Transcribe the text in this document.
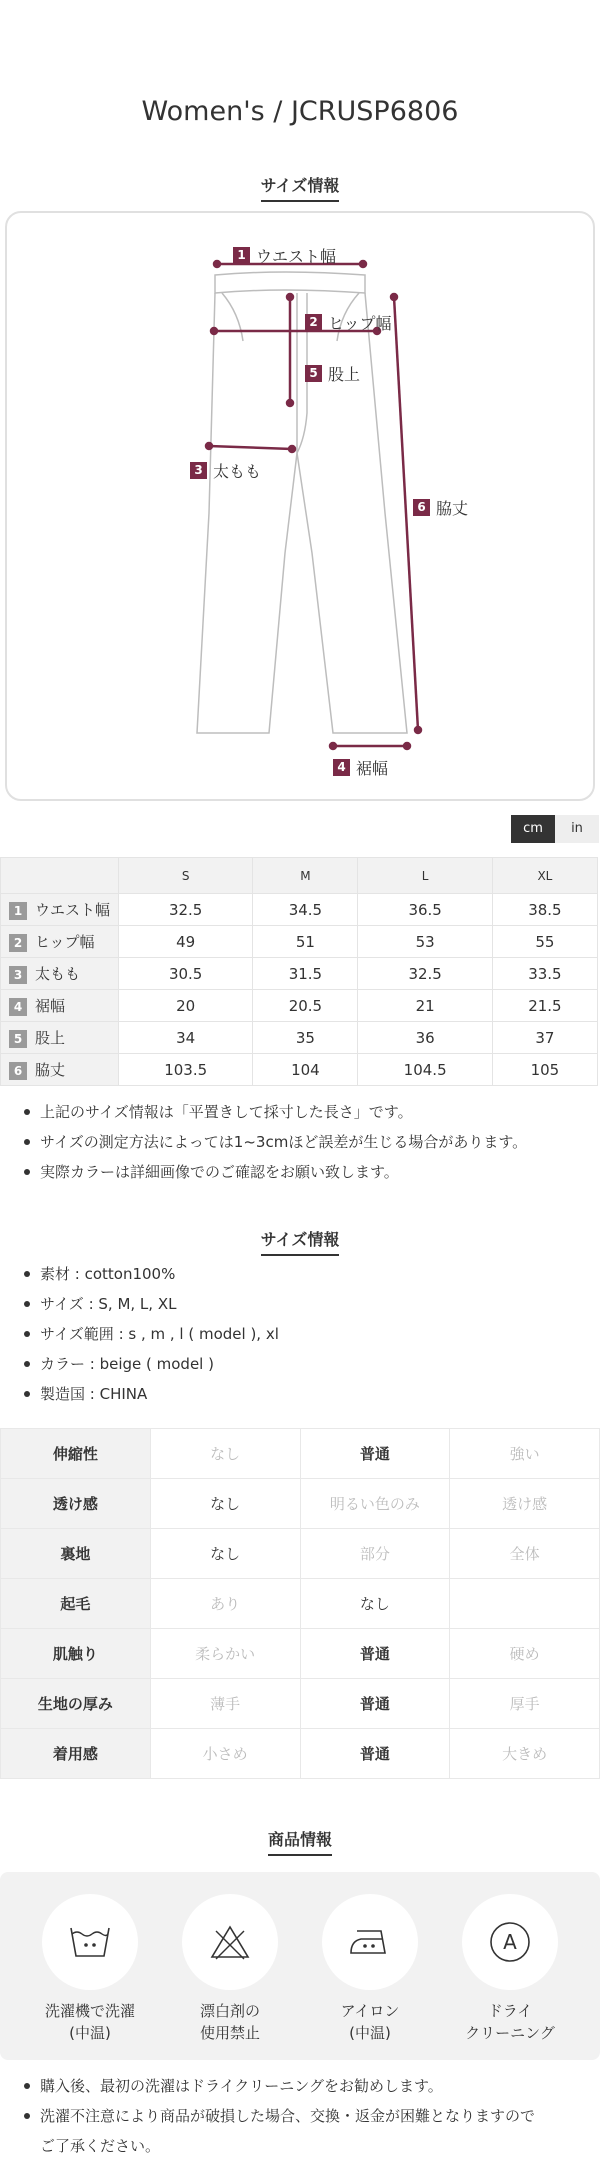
Women's / JCRUSP6806
サイズ情報
1 ウエスト幅
2 ヒップ幅
5 股上
3 太もも
6 脇丈
4 裾幅
cm	in
	S	M	L	XL
1 ウエスト幅	32.5	34.5	36.5	38.5
2 ヒップ幅	49	51	53	55
3 太もも	30.5	31.5	32.5	33.5
4 裾幅	20	20.5	21	21.5
5 股上	34	35	36	37
6 脇丈	103.5	104	104.5	105
上記のサイズ情報は「平置きして採寸した長さ」です。
サイズの測定方法によっては1~3cmほど誤差が生じる場合があります。
実際カラーは詳細画像でのご確認をお願い致します。
サイズ情報
素材 : cotton100%
サイズ : S, M, L, XL
サイズ範囲 : s , m , l ( model ), xl
カラー : beige ( model )
製造国 : CHINA
伸縮性	なし	普通	強い
透け感	なし	明るい色のみ	透け感
裏地	なし	部分	全体
起毛	あり	なし	
肌触り	柔らかい	普通	硬め
生地の厚み	薄手	普通	厚手
着用感	小さめ	普通	大きめ
商品情報
洗濯機で洗濯
(中温)
漂白剤の
使用禁止
アイロン
(中温)
A
ドライ
クリーニング
購入後、最初の洗濯はドライクリーニングをお勧めします。
洗濯不注意により商品が破損した場合、交換・返金が困難となりますので
ご了承ください。
